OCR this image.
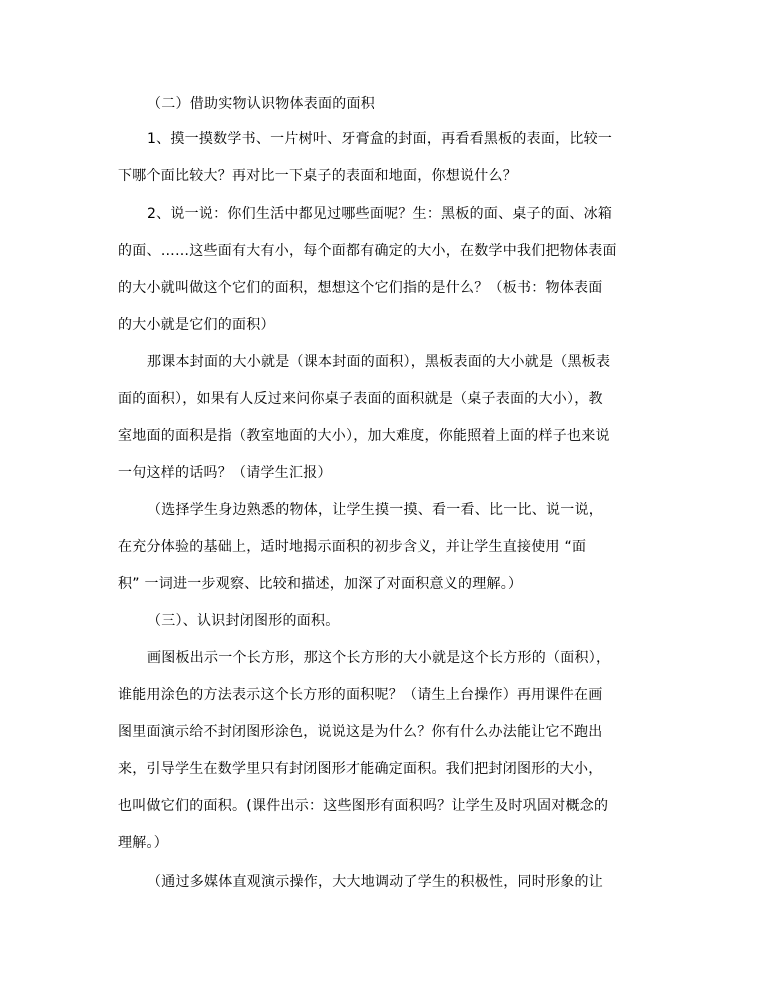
（二）借助实物认识物体表面的面积
1、摸一摸数学书、一片树叶、牙膏盒的封面，再看看黑板的表面，比较一
下哪个面比较大？再对比一下桌子的表面和地面，你想说什么？
2、说一说：你们生活中都见过哪些面呢？生：黑板的面、桌子的面、冰箱
的面、……这些面有大有小，每个面都有确定的大小，在数学中我们把物体表面
的大小就叫做这个它们的面积，想想这个它们指的是什么？（板书：物体表面
的大小就是它们的面积）
那课本封面的大小就是（课本封面的面积），黑板表面的大小就是（黑板表
面的面积），如果有人反过来问你桌子表面的面积就是（桌子表面的大小），教
室地面的面积是指（教室地面的大小），加大难度，你能照着上面的样子也来说
一句这样的话吗？（请学生汇报）
（选择学生身边熟悉的物体，让学生摸一摸、看一看、比一比、说一说，
在充分体验的基础上，适时地揭示面积的初步含义，并让学生直接使用 “面
积” 一词进一步观察、比较和描述，加深了对面积意义的理解。）
（三）、认识封闭图形的面积。
画图板出示一个长方形，那这个长方形的大小就是这个长方形的（面积），
谁能用涂色的方法表示这个长方形的面积呢？（请生上台操作）再用课件在画
图里面演示给不封闭图形涂色，说说这是为什么？你有什么办法能让它不跑出
来，引导学生在数学里只有封闭图形才能确定面积。我们把封闭图形的大小，
也叫做它们的面积。(课件出示：这些图形有面积吗？让学生及时巩固对概念的
理解。）
（通过多媒体直观演示操作，大大地调动了学生的积极性，同时形象的让
